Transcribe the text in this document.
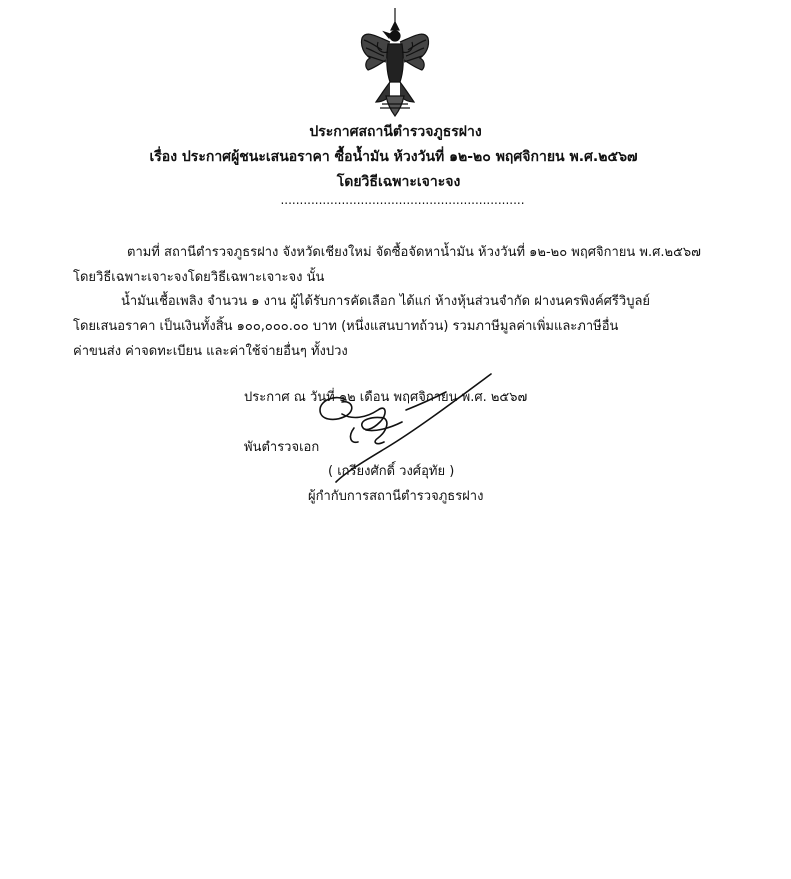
ประกาศสถานีตำรวจภูธรฝาง
เรื่อง ประกาศผู้ชนะเสนอราคา ซื้อน้ำมัน ห้วงวันที่ ๑๒-๒๐ พฤศจิกายน พ.ศ.๒๕๖๗
โดยวิธีเฉพาะเจาะจง
................................................................
ตามที่ สถานีตำรวจภูธรฝาง จังหวัดเชียงใหม่ จัดซื้อจัดหาน้ำมัน ห้วงวันที่ ๑๒-๒๐ พฤศจิกายน พ.ศ.๒๕๖๗
โดยวิธีเฉพาะเจาะจงโดยวิธีเฉพาะเจาะจง นั้น
น้ำมันเชื้อเพลิง จำนวน ๑ งาน ผู้ได้รับการคัดเลือก ได้แก่ ห้างหุ้นส่วนจำกัด ฝางนครพิงค์ศรีวิบูลย์
โดยเสนอราคา เป็นเงินทั้งสิ้น ๑๐๐,๐๐๐.๐๐ บาท (หนึ่งแสนบาทถ้วน) รวมภาษีมูลค่าเพิ่มและภาษีอื่น
ค่าขนส่ง ค่าจดทะเบียน และค่าใช้จ่ายอื่นๆ ทั้งปวง
ประกาศ ณ วันที่ ๑๒ เดือน พฤศจิกายน พ.ศ. ๒๕๖๗
พันตำรวจเอก
( เกรียงศักดิ์ วงศ์อุทัย )
ผู้กำกับการสถานีตำรวจภูธรฝาง
